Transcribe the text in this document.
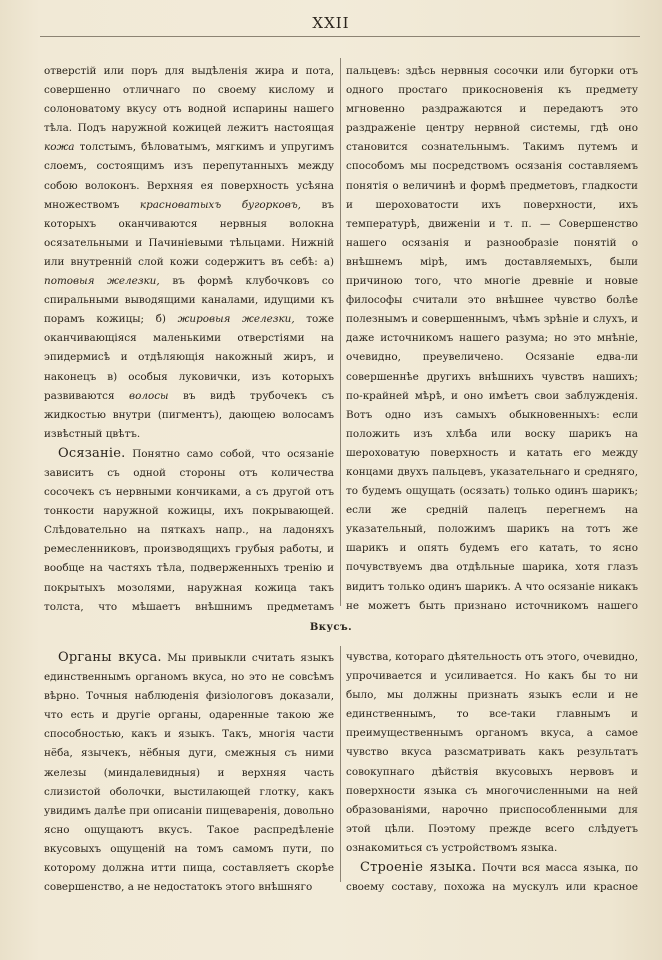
XXII

отверстій или поръ для выдѣленія жира и пота, совершенно отличнаго по своему кислому и солоноватому вкусу отъ водной испарины нашего тѣла. Подъ наружной кожицей лежитъ настоящая кожа толстымъ, бѣловатымъ, мягкимъ и упругимъ слоемъ, состоящимъ изъ перепутанныхъ между собою волоконъ. Верхняя ея поверхность усѣяна множествомъ красноватыхъ бугорковъ, въ которыхъ оканчиваются нервныя волокна осязательными и Пачиніевыми тѣльцами. Нижній или внутренній слой кожи содержитъ въ себѣ: а) потовыя железки, въ формѣ клубочковъ со спиральными выводящими каналами, идущими къ порамъ кожицы; б) жировыя железки, тоже оканчивающіяся маленькими отверстіями на эпидермисѣ и отдѣляющія накожный жиръ, и наконецъ в) особыя луковички, изъ которыхъ развиваются волосы въ видѣ трубочекъ съ жидкостью внутри (пигментъ), дающею волосамъ извѣстный цвѣтъ.

Осязаніе. Понятно само собой, что осязаніе зависитъ съ одной стороны отъ количества сосочекъ съ нервными кончиками, а съ другой отъ тонкости наружной кожицы, ихъ покрывающей. Слѣдовательно на пяткахъ напр., на ладоняхъ ремесленниковъ, производящихъ грубыя работы, и вообще на частяхъ тѣла, подверженныхъ тренію и покрытыхъ мозолями, наружная кожица такъ толста, что мѣшаетъ внѣшнимъ предметамъ

пальцевъ: здѣсь нервныя сосочки или бугорки отъ одного простаго прикосновенія къ предмету мгновенно раздражаются и передаютъ это раздраженіе центру нервной системы, гдѣ оно становится сознательнымъ. Такимъ путемъ и способомъ мы посредствомъ осязанія составляемъ понятія о величинѣ и формѣ предметовъ, гладкости и шероховатости ихъ поверхности, ихъ температурѣ, движеніи и т. п. — Совершенство нашего осязанія и разнообразіе понятій о внѣшнемъ мірѣ, имъ доставляемыхъ, были причиною того, что многіе древніе и новые философы считали это внѣшнее чувство болѣе полезнымъ и совершеннымъ, чѣмъ зрѣніе и слухъ, и даже источникомъ нашего разума; но это мнѣніе, очевидно, преувеличено. Осязаніе едва-ли совершеннѣе другихъ внѣшнихъ чувствъ нашихъ; по-крайней мѣрѣ, и оно имѣетъ свои заблужденія. Вотъ одно изъ самыхъ обыкновенныхъ: если положить изъ хлѣба или воску шарикъ на шероховатую поверхность и катать его между концами двухъ пальцевъ, указательнаго и средняго, то будемъ ощущать (осязать) только одинъ шарикъ; если же средній палецъ перегнемъ на указательный, положимъ шарикъ на тотъ же шарикъ и опять будемъ его катать, то ясно почувствуемъ два отдѣльные шарика, хотя глазъ видитъ только одинъ шарикъ. А что осязаніе никакъ не можетъ быть признано источникомъ нашего

Вкусъ.

Органы вкуса. Мы привыкли считать языкъ единственнымъ органомъ вкуса, но это не совсѣмъ вѣрно. Точныя наблюденія физіологовъ доказали, что есть и другіе органы, одаренные такою же способностью, какъ и языкъ. Такъ, многія части нёба, язычекъ, нёбныя дуги, смежныя съ ними железы (миндалевидныя) и верхняя часть слизистой оболочки, выстилающей глотку, какъ увидимъ далѣе при описаніи пищеваренія, довольно ясно ощущаютъ вкусъ. Такое распредѣленіе вкусовыхъ ощущеній на томъ самомъ пути, по которому должна итти пища, составляетъ скорѣе совершенство, а не недостатокъ этого внѣшняго

чувства, котораго дѣятельность отъ этого, очевидно, упрочивается и усиливается. Но какъ бы то ни было, мы должны признать языкъ если и не единственнымъ, то все-таки главнымъ и преимущественнымъ органомъ вкуса, а самое чувство вкуса разсматривать какъ результатъ совокупнаго дѣйствія вкусовыхъ нервовъ и поверхности языка съ многочисленными на ней образованіями, нарочно приспособленными для этой цѣли. Поэтому прежде всего слѣдуетъ ознакомиться съ устройствомъ языка.

Строеніе языка. Почти вся масса языка, по своему составу, похожа на мускулъ или красное
